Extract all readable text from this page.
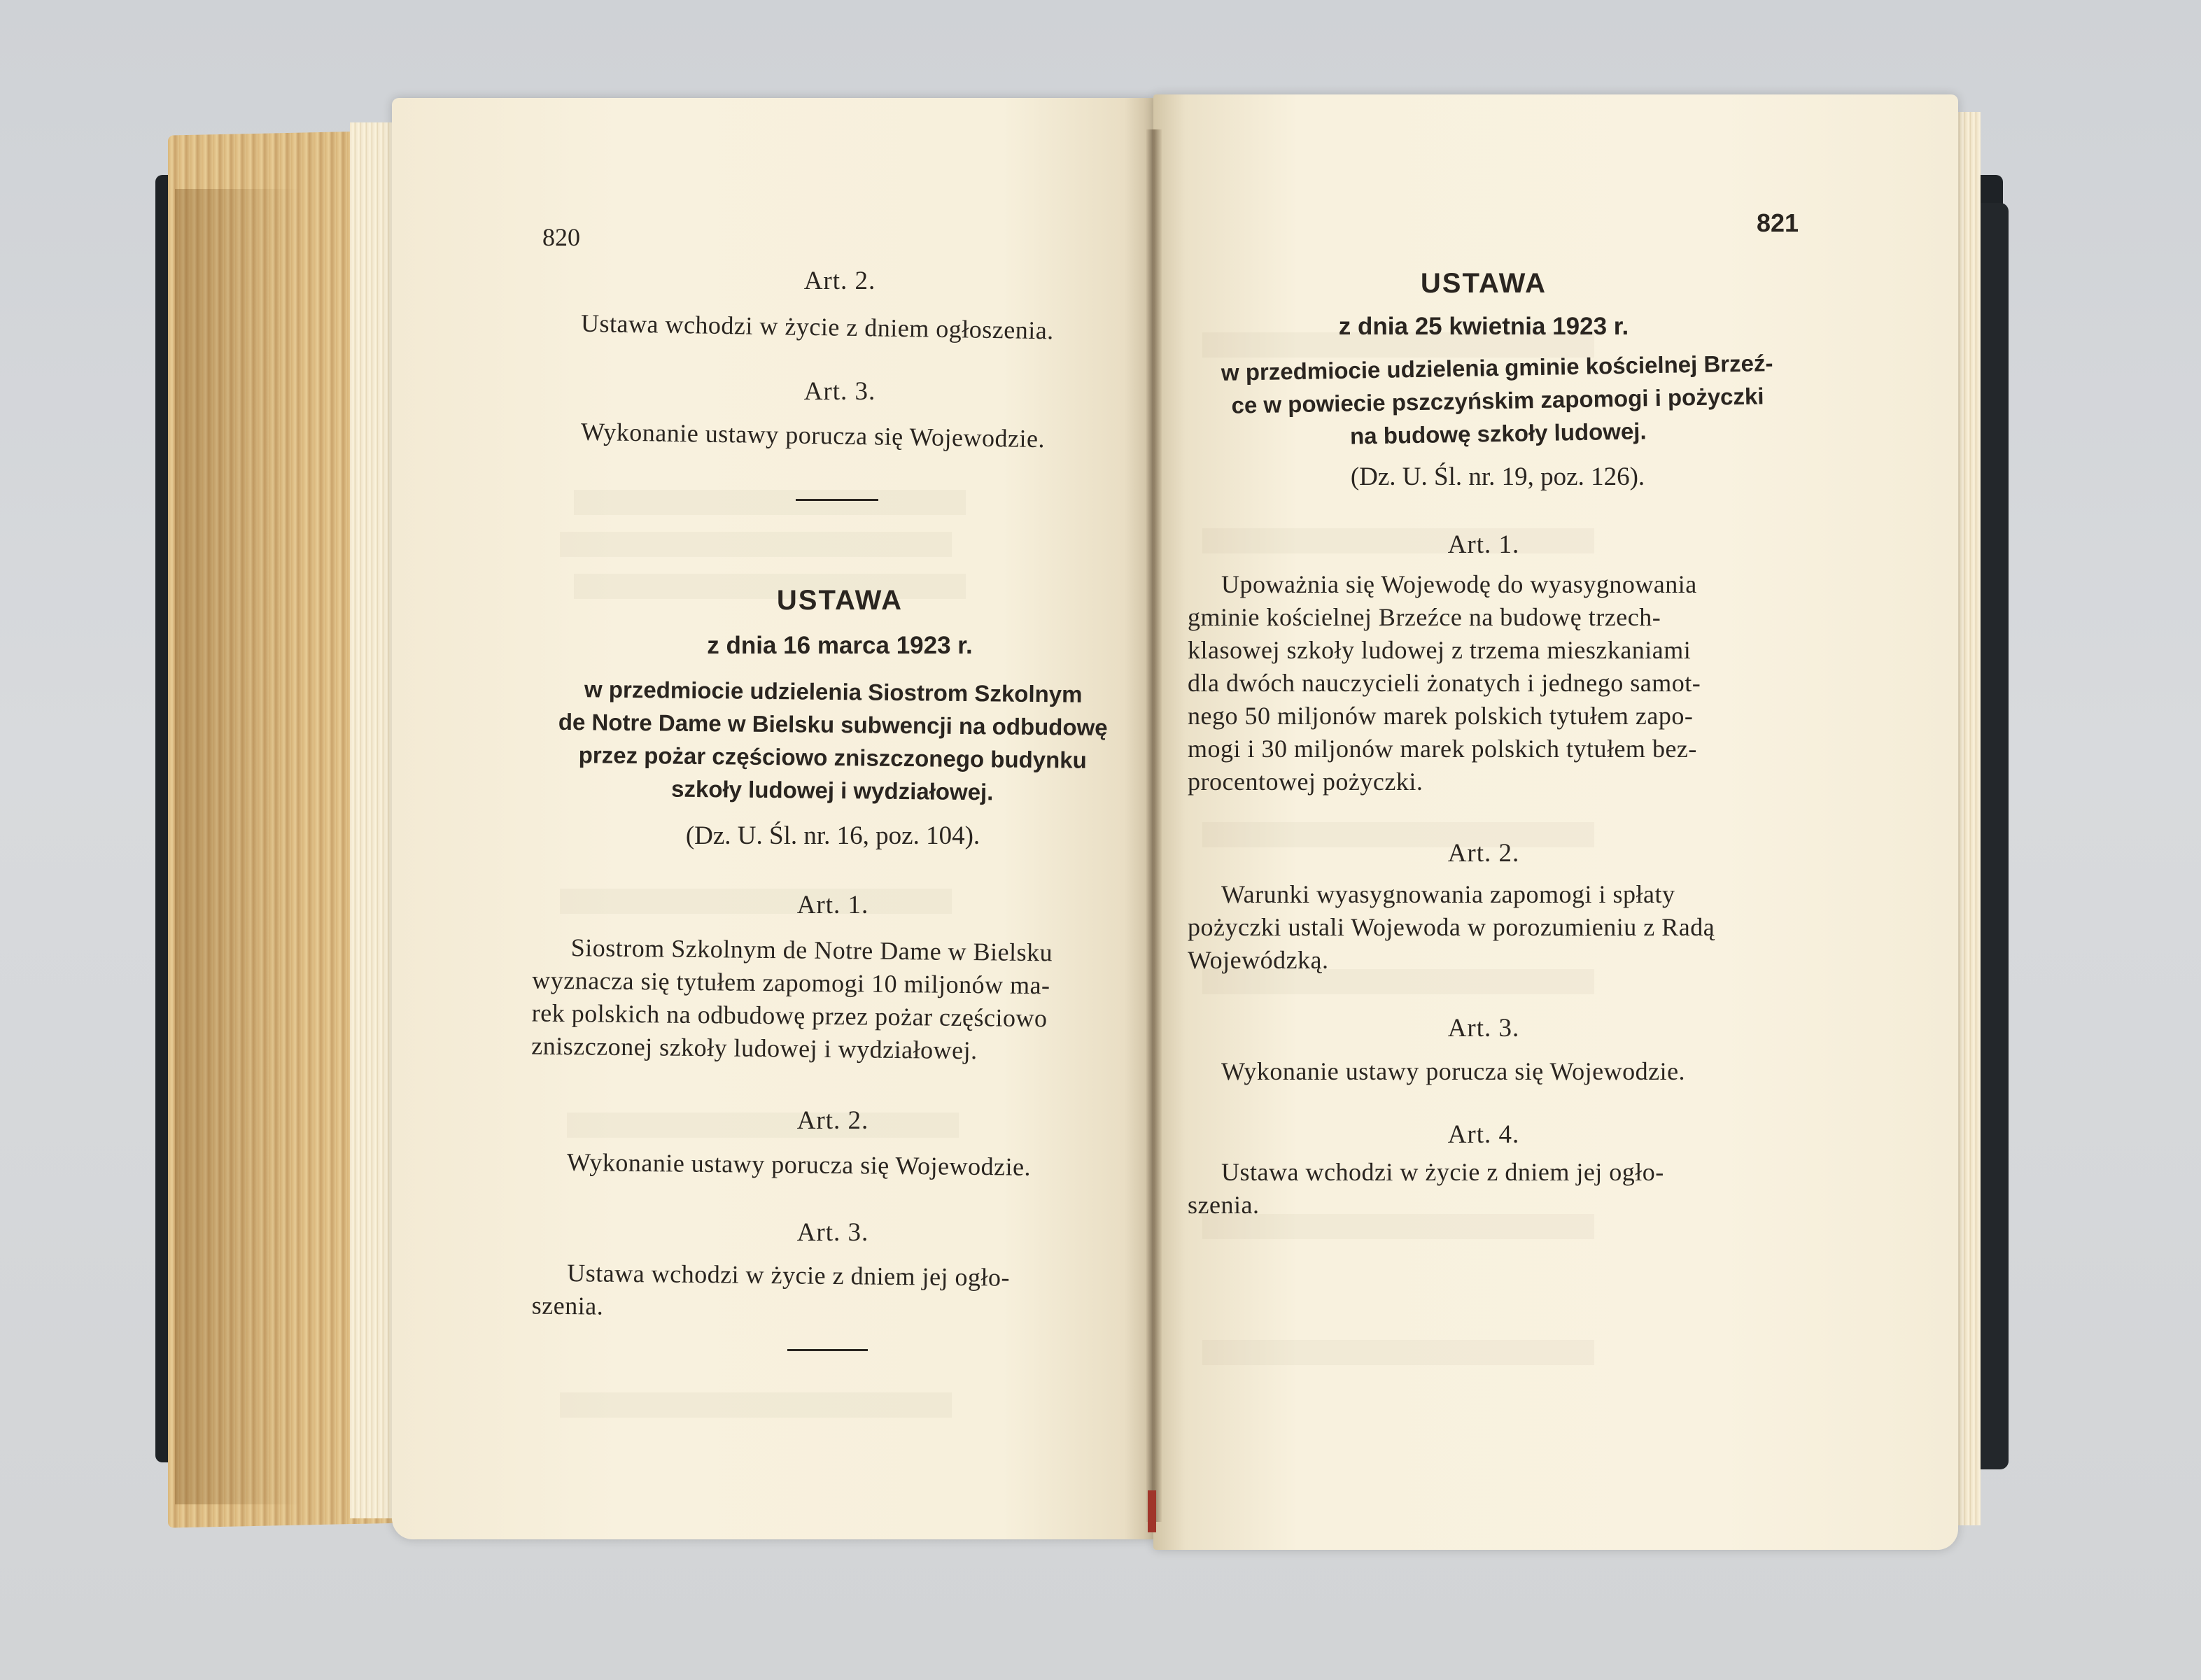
820
Art. 2.
Ustawa wchodzi w życie z dniem ogłoszenia.
Art. 3.
Wykonanie ustawy porucza się Wojewodzie.
USTAWA
z dnia 16 marca 1923 r.
w przedmiocie udzielenia Siostrom Szkolnym
de Notre Dame w Bielsku subwencji na odbudowę
przez pożar częściowo zniszczonego budynku
szkoły ludowej i wydziałowej.
(Dz. U. Śl. nr. 16, poz. 104).
Art. 1.
Siostrom Szkolnym de Notre Dame w Bielsku
wyznacza się tytułem zapomogi 10 miljonów ma-
rek polskich na odbudowę przez pożar częściowo
zniszczonej szkoły ludowej i wydziałowej.
Art. 2.
Wykonanie ustawy porucza się Wojewodzie.
Art. 3.
Ustawa wchodzi w życie z dniem jej ogło-
szenia.
821
USTAWA
z dnia 25 kwietnia 1923 r.
w przedmiocie udzielenia gminie kościelnej Brzeź-
ce w powiecie pszczyńskim zapomogi i pożyczki
na budowę szkoły ludowej.
(Dz. U. Śl. nr. 19, poz. 126).
Art. 1.
Upoważnia się Wojewodę do wyasygnowania
gminie kościelnej Brzeźce na budowę trzech-
klasowej szkoły ludowej z trzema mieszkaniami
dla dwóch nauczycieli żonatych i jednego samot-
nego 50 miljonów marek polskich tytułem zapo-
mogi i 30 miljonów marek polskich tytułem bez-
procentowej pożyczki.
Art. 2.
Warunki wyasygnowania zapomogi i spłaty
pożyczki ustali Wojewoda w porozumieniu z Radą
Wojewódzką.
Art. 3.
Wykonanie ustawy porucza się Wojewodzie.
Art. 4.
Ustawa wchodzi w życie z dniem jej ogło-
szenia.
